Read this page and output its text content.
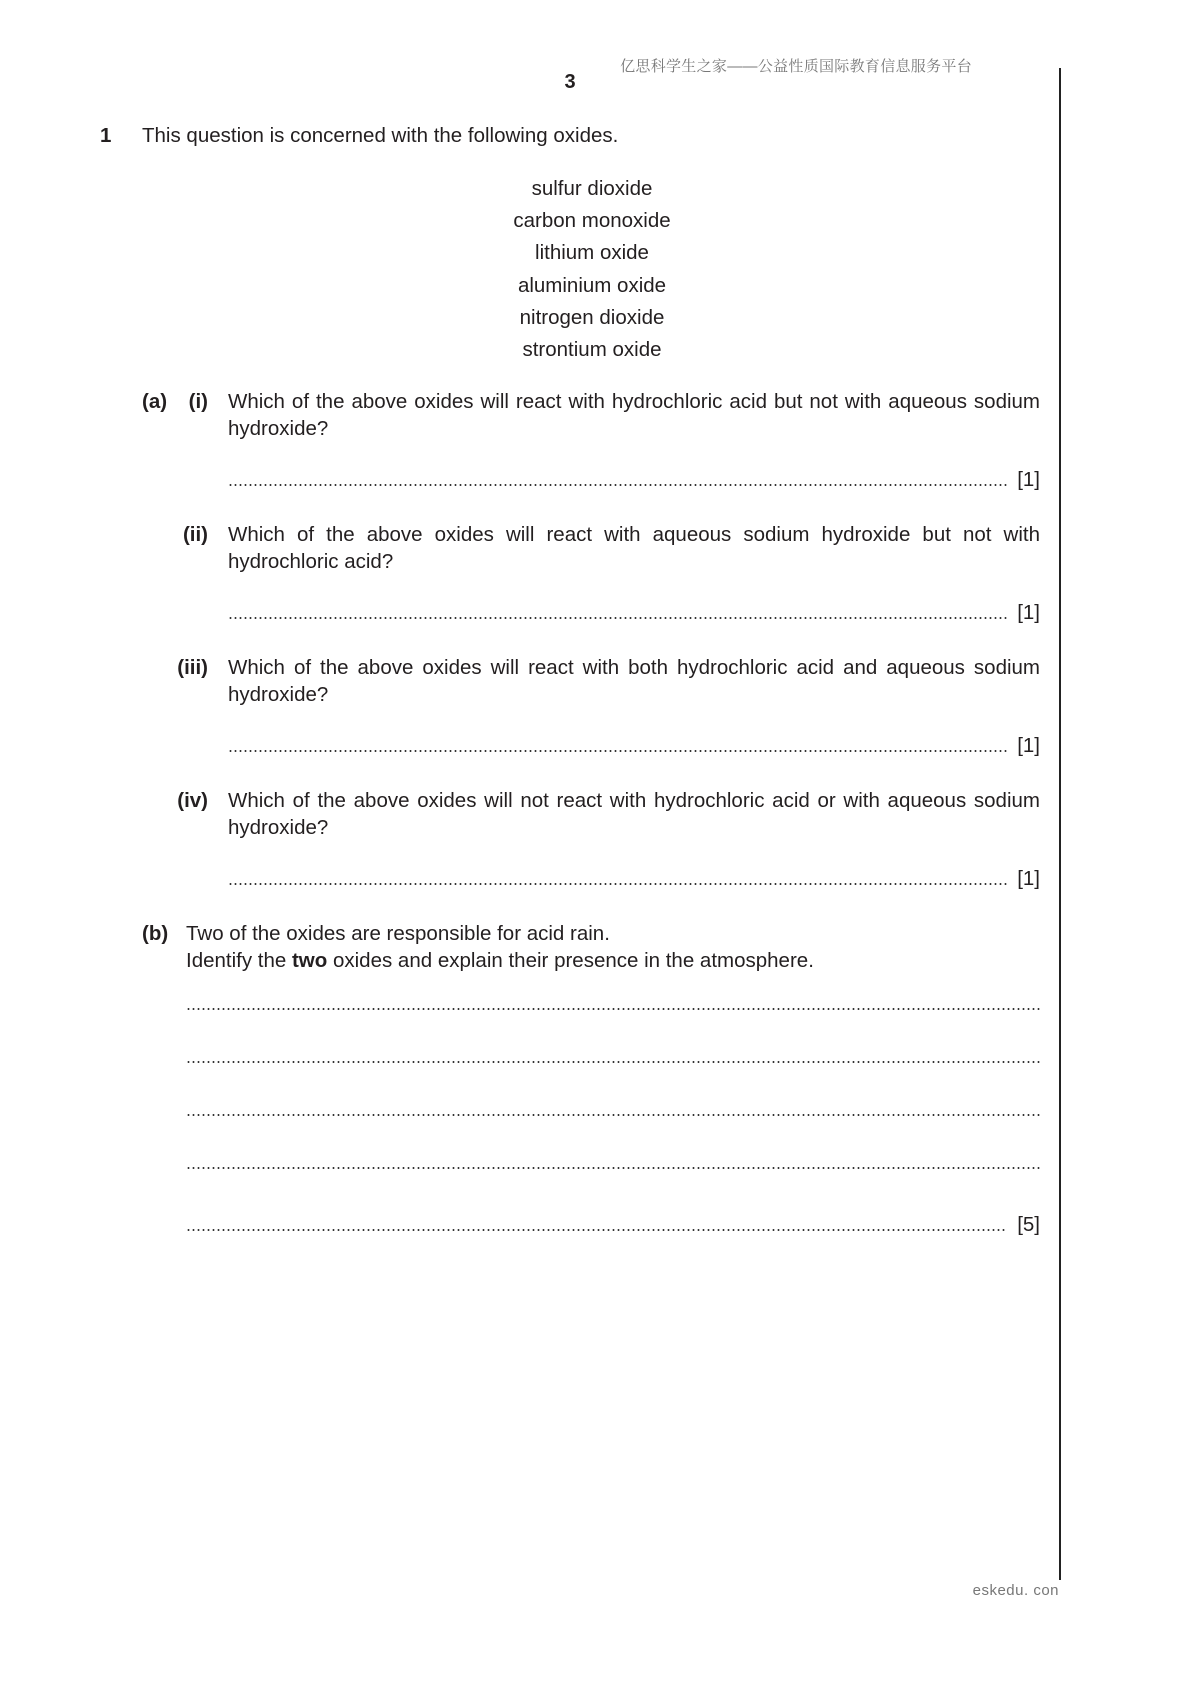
亿思科学生之家——公益性质国际教育信息服务平台
3
1 This question is concerned with the following oxides.
sulfur dioxide
carbon monoxide
lithium oxide
aluminium oxide
nitrogen dioxide
strontium oxide
(a)	(i) Which of the above oxides will react with hydrochloric acid but not with aqueous sodium hydroxide?
[1]
(ii) Which of the above oxides will react with aqueous sodium hydroxide but not with hydrochloric acid?
[1]
(iii) Which of the above oxides will react with both hydrochloric acid and aqueous sodium hydroxide?
[1]
(iv) Which of the above oxides will not react with hydrochloric acid or with aqueous sodium hydroxide?
[1]
(b) Two of the oxides are responsible for acid rain.
Identify the two oxides and explain their presence in the atmosphere.
[5]
eskedu. con
